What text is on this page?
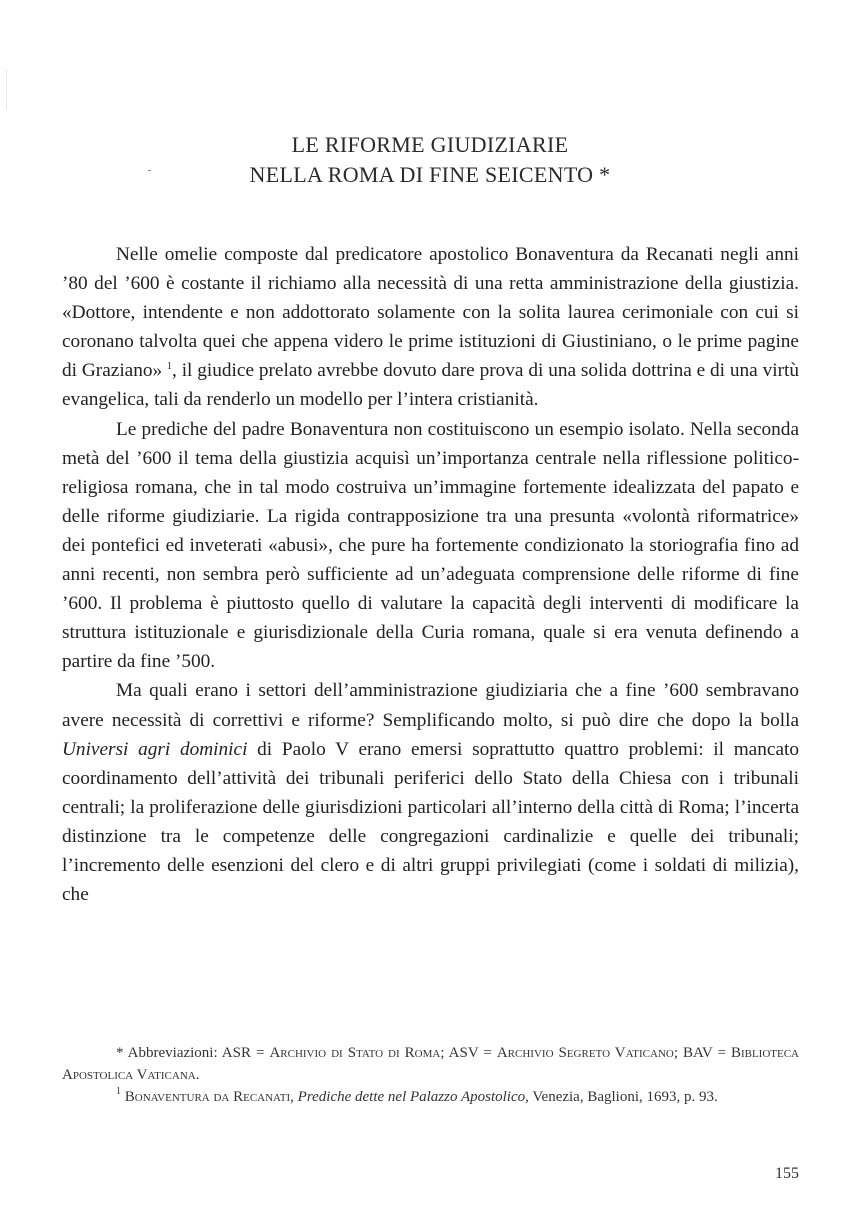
LE RIFORME GIUDIZIARIE
NELLA ROMA DI FINE SEICENTO *

Nelle omelie composte dal predicatore apostolico Bonaventura da Recanati negli anni ’80 del ’600 è costante il richiamo alla necessità di una retta amministrazione della giustizia. «Dottore, intendente e non addottorato solamente con la solita laurea cerimoniale con cui si coronano talvolta quei che appena videro le prime istituzioni di Giustiniano, o le prime pagine di Graziano» $^1$, il giudice prelato avrebbe dovuto dare prova di una solida dottrina e di una virtù evangelica, tali da renderlo un modello per l’intera cristianità.

Le prediche del padre Bonaventura non costituiscono un esempio isolato. Nella seconda metà del ’600 il tema della giustizia acquisì un’importanza centrale nella riflessione politico-religiosa romana, che in tal modo costruiva un’immagine fortemente idealizzata del papato e delle riforme giudiziarie. La rigida contrapposizione tra una presunta «volontà riformatrice» dei pontefici ed inveterati «abusi», che pure ha fortemente condizionato la storiografia fino ad anni recenti, non sembra però sufficiente ad un’adeguata comprensione delle riforme di fine ’600. Il problema è piuttosto quello di valutare la capacità degli interventi di modificare la struttura istituzionale e giurisdizionale della Curia romana, quale si era venuta definendo a partire da fine ’500.

Ma quali erano i settori dell’amministrazione giudiziaria che a fine ’600 sembravano avere necessità di correttivi e riforme? Semplificando molto, si può dire che dopo la bolla Universi agri dominici di Paolo V erano emersi soprattutto quattro problemi: il mancato coordinamento dell’attività dei tribunali periferici dello Stato della Chiesa con i tribunali centrali; la proliferazione delle giurisdizioni particolari all’interno della città di Roma; l’incerta distinzione tra le competenze delle congregazioni cardinalizie e quelle dei tribunali; l’incremento delle esenzioni del clero e di altri gruppi privilegiati (come i soldati di milizia), che

* Abbreviazioni: ASR = Archivio di Stato di Roma; ASV = Archivio Segreto Vaticano; BAV = Biblioteca Apostolica Vaticana.

$^1$ Bonaventura da Recanati, Prediche dette nel Palazzo Apostolico, Venezia, Baglioni, 1693, p. 93.

155
